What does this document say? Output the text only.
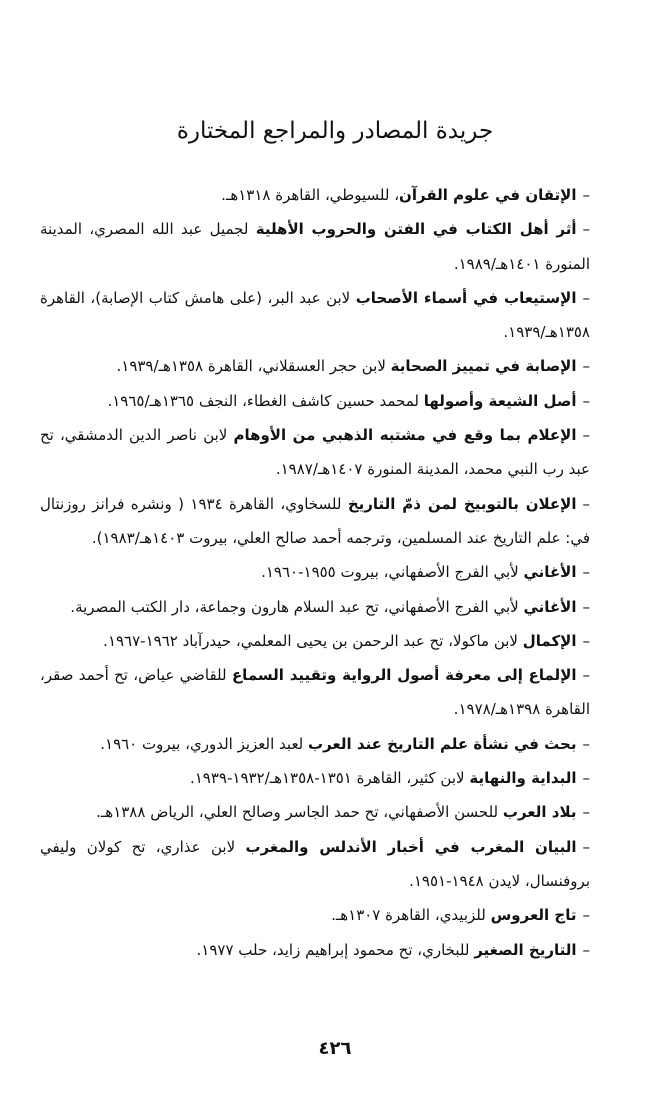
جريدة المصادر والمراجع المختارة
–الإتقان في علوم القرآن، للسيوطي، القاهرة ١٣١٨هـ.
–أثر أهل الكتاب في الفتن والحروب الأهلية لجميل عبد الله المصري، المدينة المنورة ١٤٠١هـ/١٩٨٩.
–الإستيعاب في أسماء الأصحاب لابن عبد البر، (على هامش كتاب الإصابة)، القاهرة ١٣٥٨هـ/١٩٣٩.
–الإصابة في تمييز الصحابة لابن حجر العسقلاني، القاهرة ١٣٥٨هـ/١٩٣٩.
–أصل الشيعة وأصولها لمحمد حسين كاشف الغطاء، النجف ١٣٦٥هـ/١٩٦٥.
–الإعلام بما وقع في مشتبه الذهبي من الأوهام لابن ناصر الدين الدمشقي، تح عبد رب النبي محمد، المدينة المنورة ١٤٠٧هـ/١٩٨٧.
–الإعلان بالتوبيخ لمن ذمّ التاريخ للسخاوي، القاهرة ١٩٣٤ ( ونشره فرانز روزنتال في: علم التاريخ عند المسلمين، وترجمه أحمد صالح العلي، بيروت ١٤٠٣هـ/١٩٨٣).
–الأغاني لأبي الفرج الأصفهاني، بيروت ١٩٥٥-١٩٦٠.
–الأغاني لأبي الفرج الأصفهاني، تح عبد السلام هارون وجماعة، دار الكتب المصرية.
–الإكمال لابن ماكولا، تح عبد الرحمن بن يحيى المعلمي، حيدرآباد ١٩٦٢-١٩٦٧.
–الإلماع إلى معرفة أصول الرواية وتقييد السماع للقاضي عياض، تح أحمد صقر، القاهرة ١٣٩٨هـ/١٩٧٨.
–بحث في نشأة علم التاريخ عند العرب لعبد العزيز الدوري، بيروت ١٩٦٠.
–البداية والنهاية لابن كثير، القاهرة ١٣٥١-١٣٥٨هـ/١٩٣٢-١٩٣٩.
–بلاد العرب للحسن الأصفهاني، تح حمد الجاسر وصالح العلي، الرياض ١٣٨٨هـ.
–البيان المغرب في أخبار الأندلس والمغرب لابن عذاري، تح كولان وليفي بروفنسال، لايدن ١٩٤٨-١٩٥١.
–تاج العروس للزبيدي، القاهرة ١٣٠٧هـ.
–التاريخ الصغير للبخاري، تح محمود إبراهيم زايد، حلب ١٩٧٧.
٤٢٦
